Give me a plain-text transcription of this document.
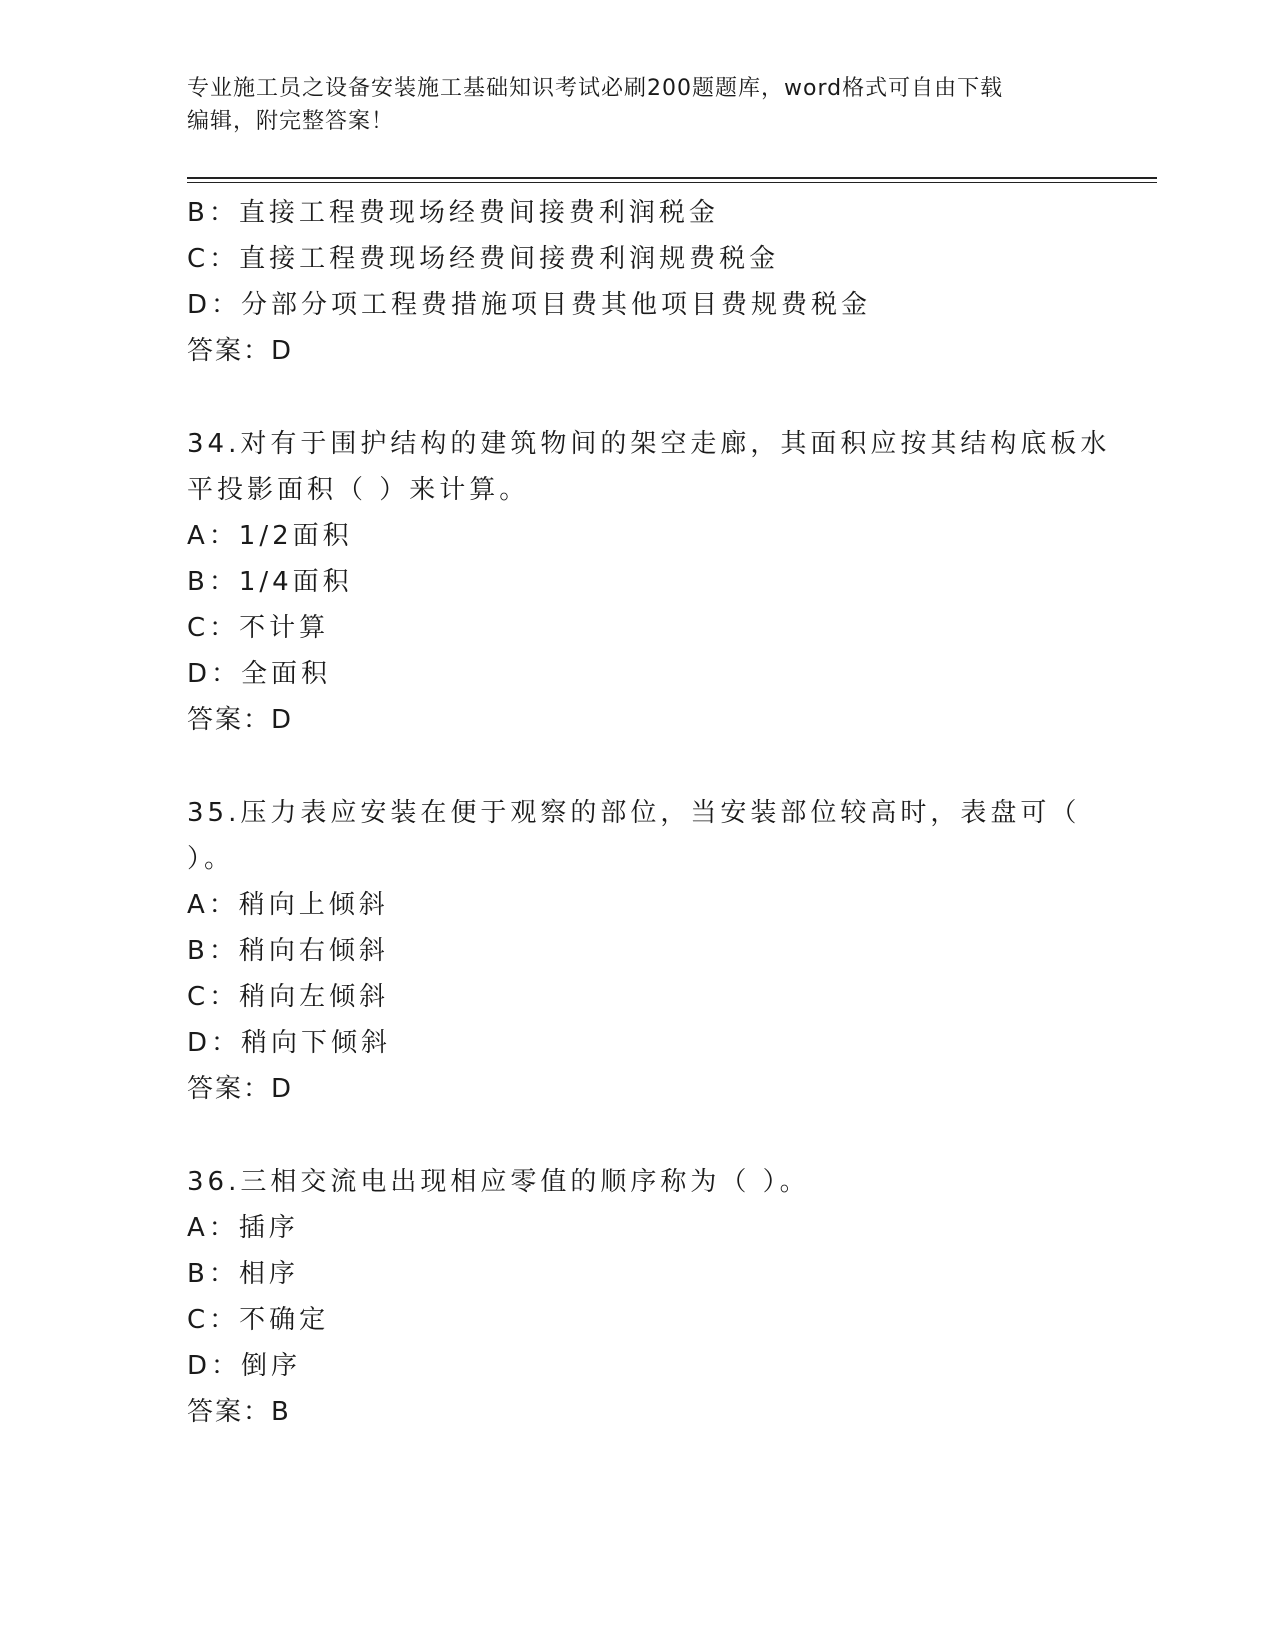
专业施工员之设备安装施工基础知识考试必刷200题题库，word格式可自由下载
编辑，附完整答案！
B：直接工程费现场经费间接费利润税金
C：直接工程费现场经费间接费利润规费税金
D：分部分项工程费措施项目费其他项目费规费税金
答案：D
34.对有于围护结构的建筑物间的架空走廊，其面积应按其结构底板水
平投影面积（ ）来计算。
A：1/2面积
B：1/4面积
C：不计算
D：全面积
答案：D
35.压力表应安装在便于观察的部位，当安装部位较高时，表盘可（
）。
A：稍向上倾斜
B：稍向右倾斜
C：稍向左倾斜
D：稍向下倾斜
答案：D
36.三相交流电出现相应零值的顺序称为（ ）。
A：插序
B：相序
C：不确定
D：倒序
答案：B
